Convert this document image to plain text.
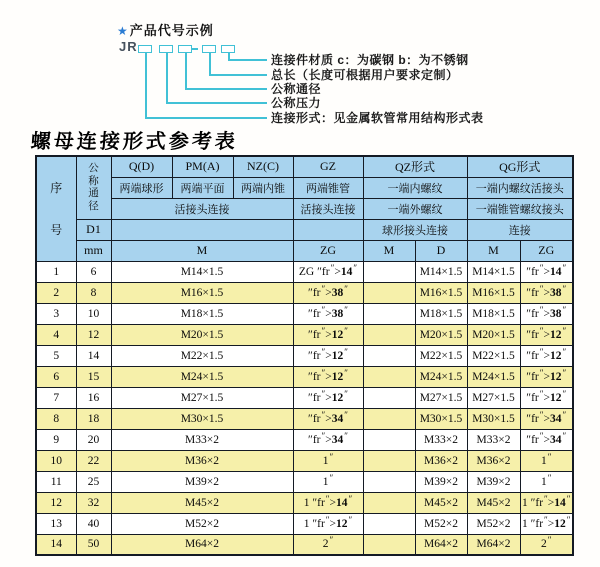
★ 产品代号示例
JR
连接件材质 c：为碳钢 b：为不锈钢
总长（长度可根据用户要求定制）
公称通径
公称压力
连接形式：见金属软管常用结构形式表
螺母连接形式参考表
序
号	公
称
通
径	Q(D)	PM(A)	NZ(C)	GZ	QZ形式		QG形式	
		两端球形	两端平面	两端内锥	两端锥管	一端内螺纹		一端内螺纹活接头	
		活接头连接			活接头连接	一端外螺纹		一端锥管螺纹接头	
	D1					球形接头连接		连接	
	mm	M			ZG	M	D	M	ZG
1	6	M14×1.5			ZG ″fr″>14″		M14×1.5	M14×1.5	″fr″>14″
2	8	M16×1.5			″fr″>38″		M16×1.5	M16×1.5	″fr″>38″
3	10	M18×1.5			″fr″>38″		M18×1.5	M18×1.5	″fr″>38″
4	12	M20×1.5			″fr″>12″		M20×1.5	M20×1.5	″fr″>12″
5	14	M22×1.5			″fr″>12″		M22×1.5	M22×1.5	″fr″>12″
6	15	M24×1.5			″fr″>12″		M24×1.5	M24×1.5	″fr″>12″
7	16	M27×1.5			″fr″>12″		M27×1.5	M27×1.5	″fr″>12″
8	18	M30×1.5			″fr″>34″		M30×1.5	M30×1.5	″fr″>34″
9	20	M33×2			″fr″>34″		M33×2	M33×2	″fr″>34″
10	22	M36×2			1″		M36×2	M36×2	1″
11	25	M39×2			1″		M39×2	M39×2	1″
12	32	M45×2			1 ″fr″>14″		M45×2	M45×2	1 ″fr″>14″
13	40	M52×2			1 ″fr″>12″		M52×2	M52×2	1 ″fr″>12″
14	50	M64×2			2″		M64×2	M64×2	2″
